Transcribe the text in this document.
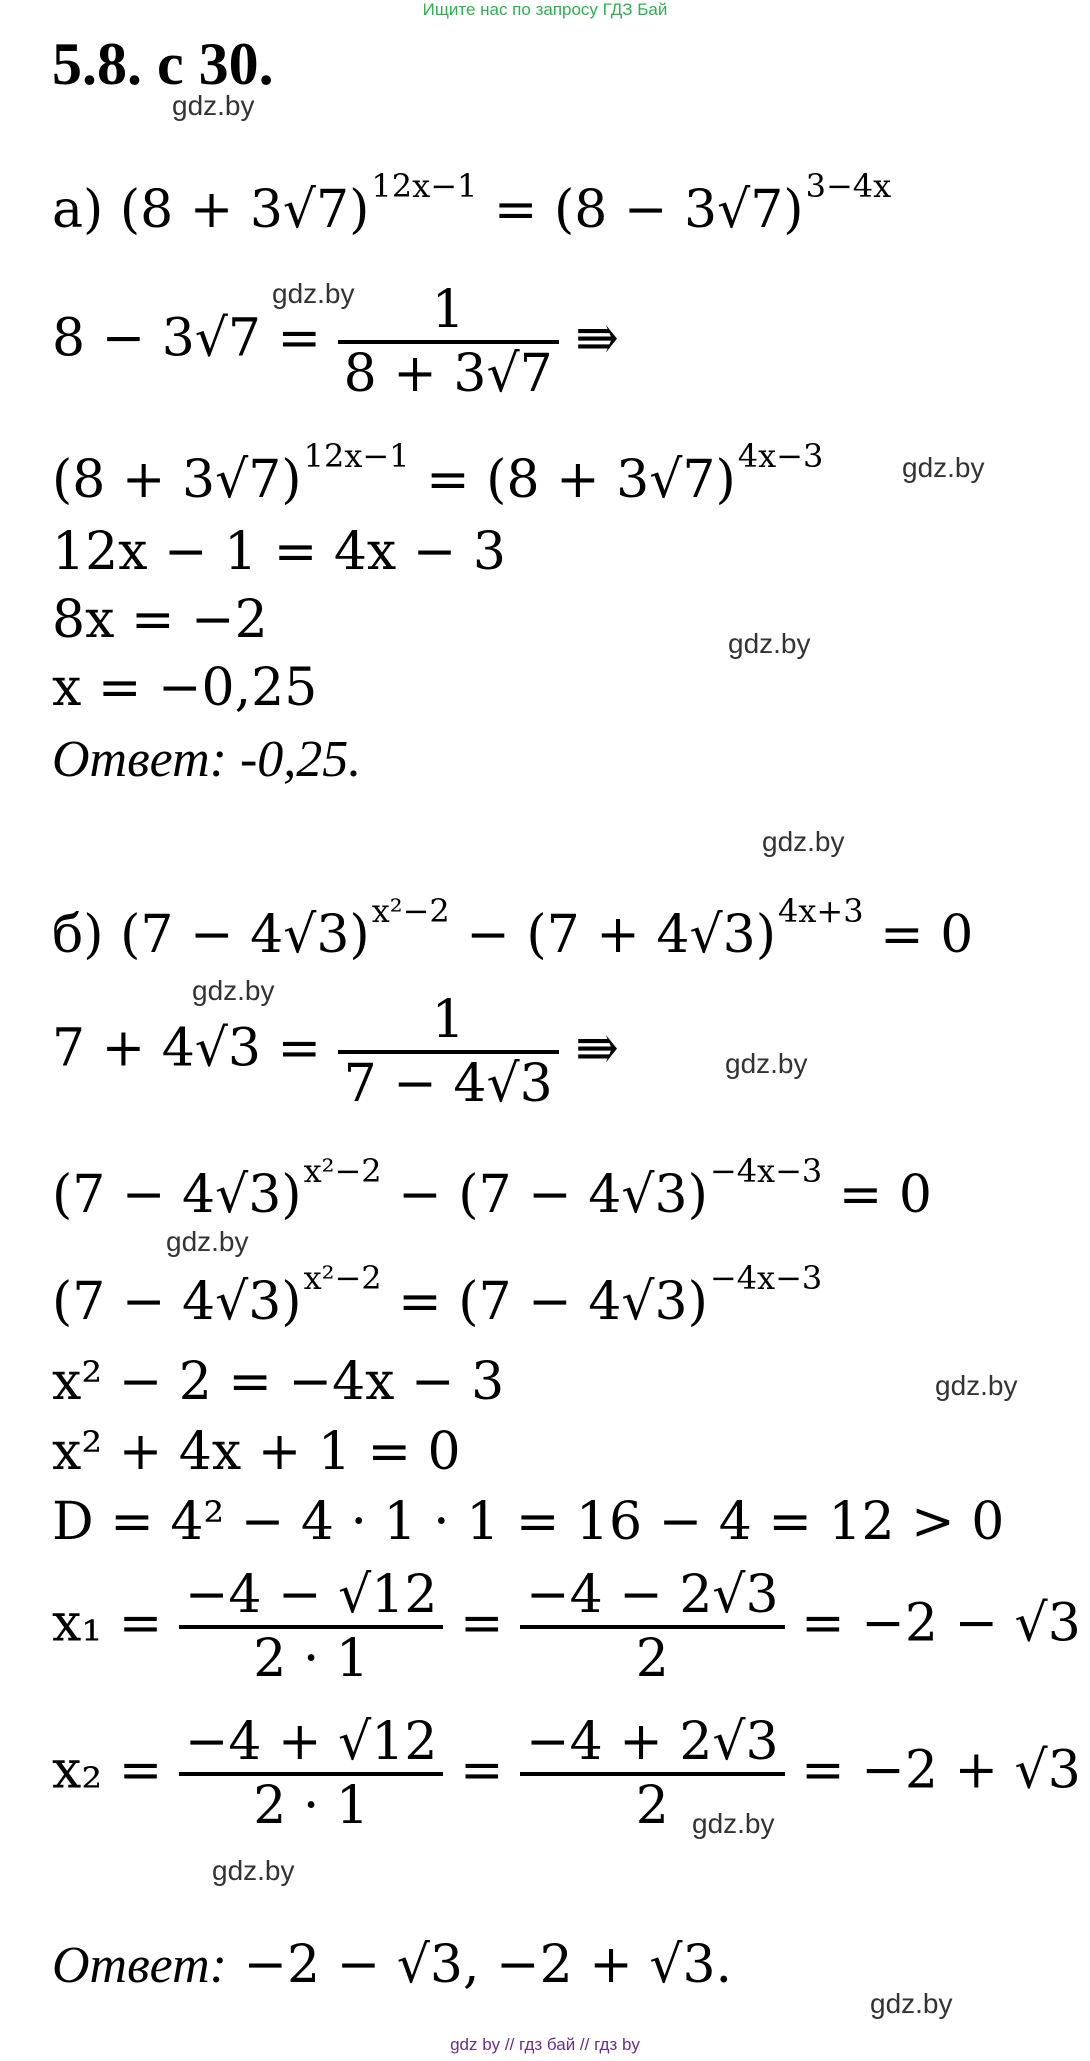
Ищите нас по запросу ГДЗ Бай
5.8. с 30.
gdz.by
а) $(8 + 3√7)^{12x-1} = (8 - 3√7)^{3-4x}$
gdz.by
$8 - 3√7 = \frac{1}{8 + 3√7}$ ⇛
$(8 + 3√7)^{12x-1} = (8 + 3√7)^{4x-3}$	gdz.by
12x − 1 = 4x − 3
8x = −2	gdz.by
x = −0,25
Ответ: -0,25.
gdz.by
б) $(7 - 4√3)^{x^2-2} - (7 + 4√3)^{4x+3} = 0$
gdz.by
$7 + 4√3 = \frac{1}{7 - 4√3}$ ⇛	gdz.by
$(7 - 4√3)^{x^2-2} - (7 - 4√3)^{-4x-3} = 0$
gdz.by
$(7 - 4√3)^{x^2-2} = (7 - 4√3)^{-4x-3}$
x² − 2 = −4x − 3	gdz.by
x² + 4x + 1 = 0
D = 4² − 4 · 1 · 1 = 16 − 4 = 12 > 0
$x_1 = \frac{-4 - √12}{2 \cdot 1} = \frac{-4 - 2√3}{2} = -2 - √3$
$x_2 = \frac{-4 + √12}{2 \cdot 1} = \frac{-4 + 2√3}{2} = -2 + √3$
gdz.by
gdz.by
Ответ: −2 − √3, −2 + √3.
gdz.by
gdz by // гдз бай // гдз by
